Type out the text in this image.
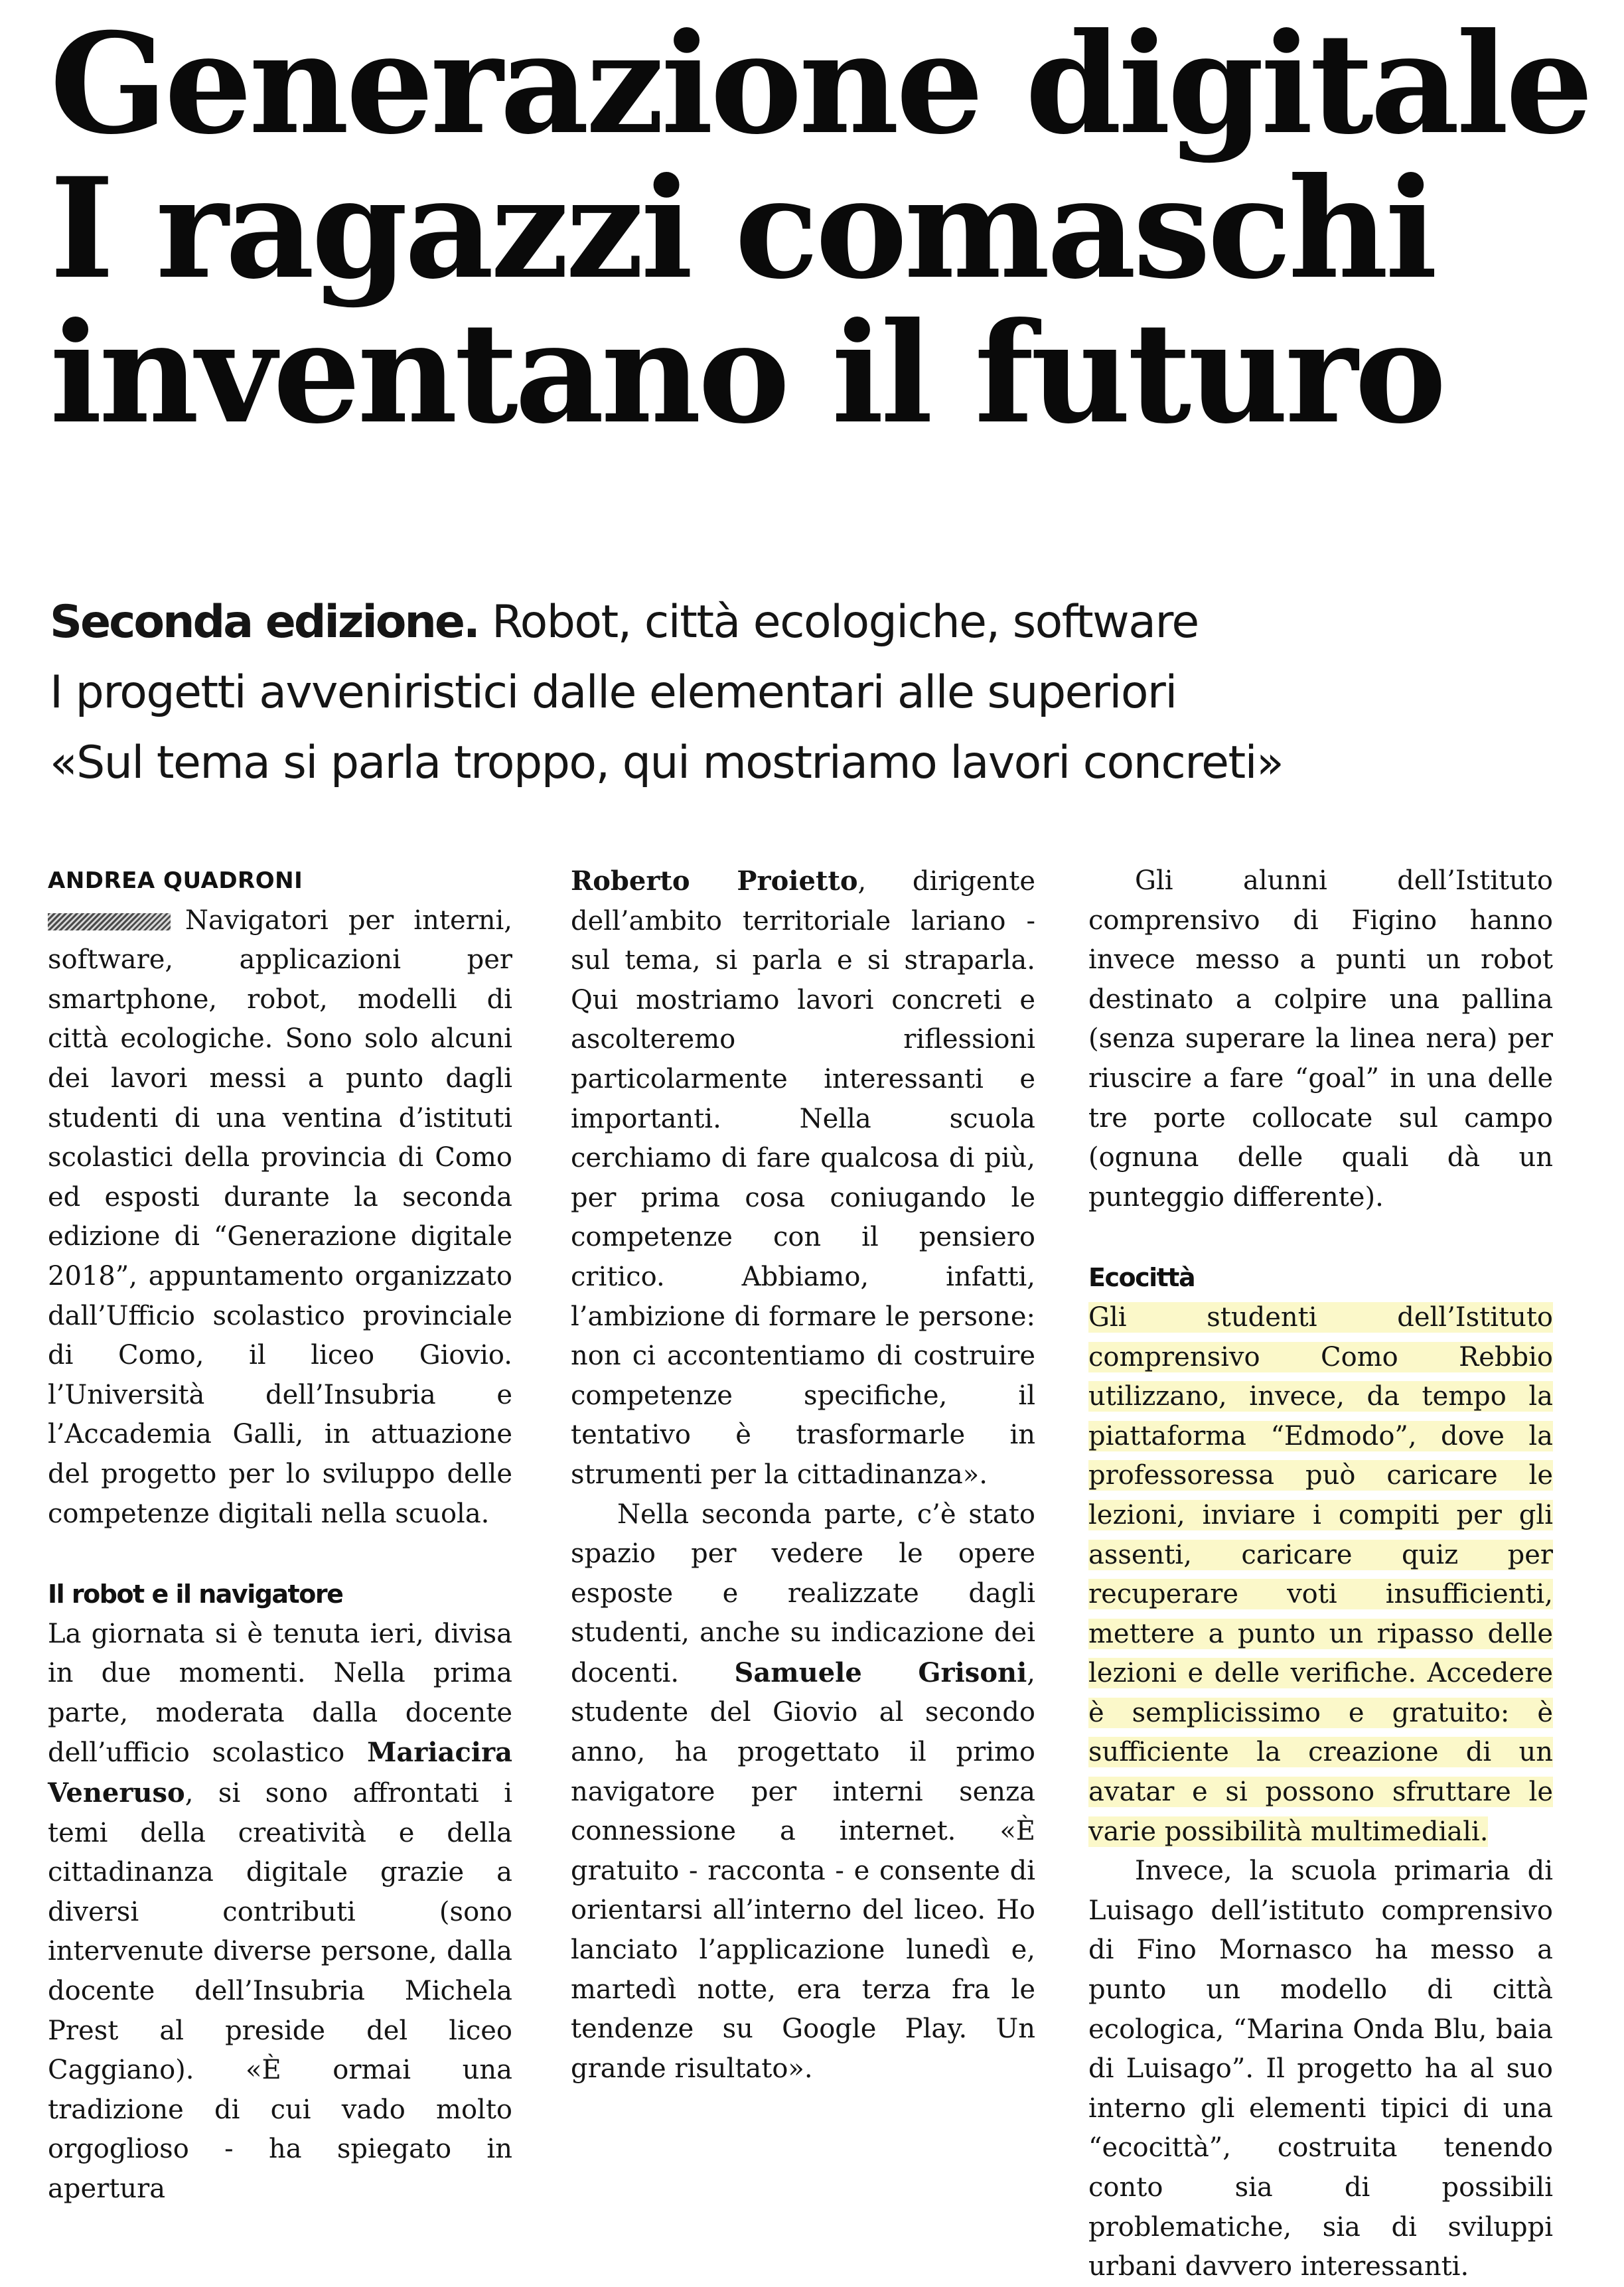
Generazione digitale
I ragazzi comaschi
inventano il futuro
Seconda edizione. Robot, città ecologiche, software
I progetti avveniristici dalle elementari alle superiori
«Sul tema si parla troppo, qui mostriamo lavori concreti»
ANDREA QUADRONI

Navigatori per interni, software, applicazioni per smartphone, robot, modelli di città ecologiche. Sono solo alcuni dei lavori messi a punto dagli studenti di una ventina d’istituti scolastici della provincia di Como ed esposti durante la seconda edizione di “Generazione digitale 2018”, appuntamento organizzato dall’Ufficio scolastico provinciale di Como, il liceo Giovio. l’Università dell’Insubria e l’Accademia Galli, in attuazione del progetto per lo sviluppo delle competenze digitali nella scuola.

Il robot e il navigatore

La giornata si è tenuta ieri, divisa in due momenti. Nella prima parte, moderata dalla docente dell’ufficio scolastico Mariacira Veneruso, si sono affrontati i temi della creatività e della cittadinanza digitale grazie a diversi contributi (sono intervenute diverse persone, dalla docente dell’Insubria Michela Prest al preside del liceo Caggiano). «È ormai una tradizione di cui vado molto orgoglioso - ha spiegato in apertura

Roberto Proietto, dirigente dell’ambito territoriale lariano - sul tema, si parla e si straparla. Qui mostriamo lavori concreti e ascolteremo riflessioni particolarmente interessanti e importanti. Nella scuola cerchiamo di fare qualcosa di più, per prima cosa coniugando le competenze con il pensiero critico. Abbiamo, infatti, l’ambizione di formare le persone: non ci accontentiamo di costruire competenze specifiche, il tentativo è trasformarle in strumenti per la cittadinanza».

Nella seconda parte, c’è stato spazio per vedere le opere esposte e realizzate dagli studenti, anche su indicazione dei docenti. Samuele Grisoni, studente del Giovio al secondo anno, ha progettato il primo navigatore per interni senza connessione a internet. «È gratuito - racconta - e consente di orientarsi all’interno del liceo. Ho lanciato l’applicazione lunedì e, martedì notte, era terza fra le tendenze su Google Play. Un grande risultato».

Gli alunni dell’Istituto comprensivo di Figino hanno invece messo a punti un robot destinato a colpire una pallina (senza superare la linea nera) per riuscire a fare “goal” in una delle tre porte collocate sul campo (ognuna delle quali dà un punteggio differente).

Ecocittà

Gli studenti dell’Istituto comprensivo Como Rebbio utilizzano, invece, da tempo la piattaforma “Edmodo”, dove la professoressa può caricare le lezioni, inviare i compiti per gli assenti, caricare quiz per recuperare voti insufficienti, mettere a punto un ripasso delle lezioni e delle verifiche. Accedere è semplicissimo e gratuito: è sufficiente la creazione di un avatar e si possono sfruttare le varie possibilità multimediali.

Invece, la scuola primaria di Luisago dell’istituto comprensivo di Fino Mornasco ha messo a punto un modello di città ecologica, “Marina Onda Blu, baia di Luisago”. Il progetto ha al suo interno gli elementi tipici di una “ecocittà”, costruita tenendo conto sia di possibili problematiche, sia di sviluppi urbani davvero interessanti.
